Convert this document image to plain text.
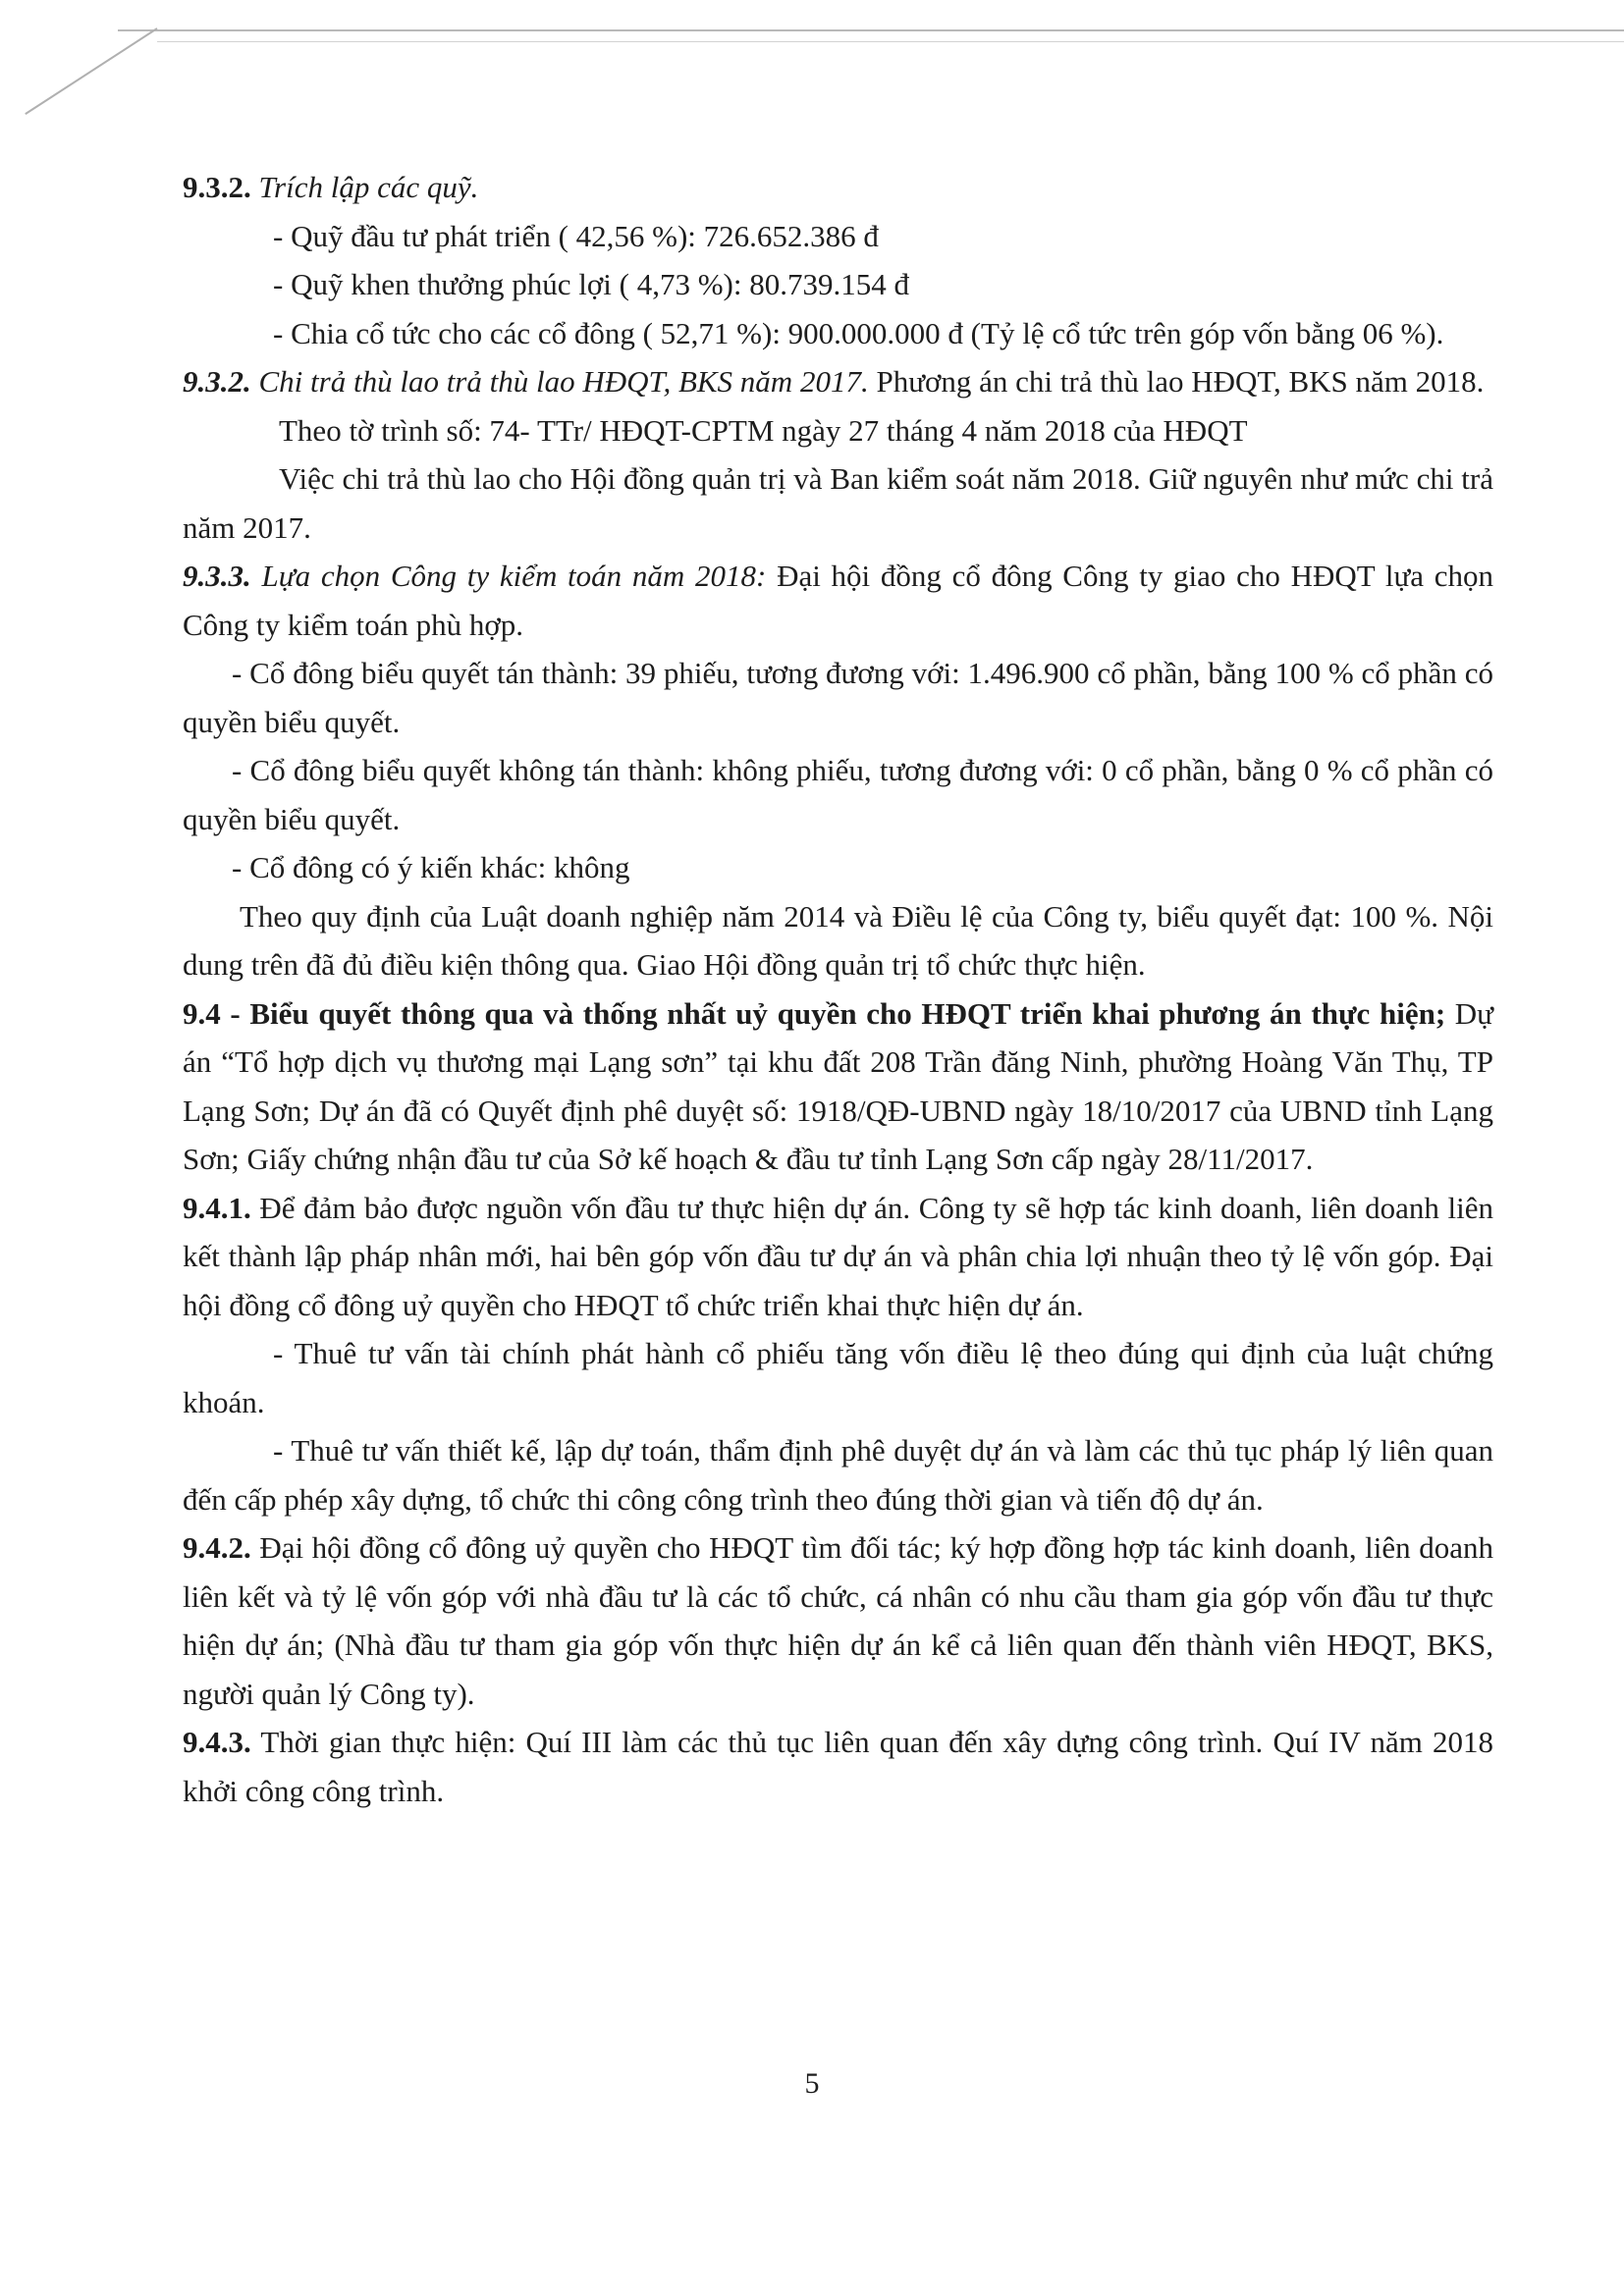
9.3.2. Trích lập các quỹ.

- Quỹ đầu tư phát triển ( 42,56 %): 726.652.386 đ

- Quỹ khen thưởng phúc lợi ( 4,73 %): 80.739.154 đ

- Chia cổ tức cho các cổ đông ( 52,71 %): 900.000.000 đ (Tỷ lệ cổ tức trên góp vốn bằng 06 %).

9.3.2. Chi trả thù lao trả thù lao HĐQT, BKS năm 2017. Phương án chi trả thù lao HĐQT, BKS năm 2018.

Theo tờ trình số: 74- TTr/ HĐQT-CPTM ngày 27 tháng 4 năm 2018 của HĐQT

Việc chi trả thù lao cho Hội đồng quản trị và Ban kiểm soát năm 2018. Giữ nguyên như mức chi trả năm 2017.

9.3.3. Lựa chọn Công ty kiểm toán năm 2018: Đại hội đồng cổ đông Công ty giao cho HĐQT lựa chọn Công ty kiểm toán phù hợp.

- Cổ đông biểu quyết tán thành: 39 phiếu, tương đương với: 1.496.900 cổ phần, bằng 100 % cổ phần có quyền biểu quyết.

- Cổ đông biểu quyết không tán thành: không phiếu, tương đương với: 0 cổ phần, bằng 0 % cổ phần có quyền biểu quyết.

- Cổ đông có ý kiến khác: không

Theo quy định của Luật doanh nghiệp năm 2014 và Điều lệ của Công ty, biểu quyết đạt: 100 %. Nội dung trên đã đủ điều kiện thông qua. Giao Hội đồng quản trị tổ chức thực hiện.

9.4 - Biểu quyết thông qua và thống nhất uỷ quyền cho HĐQT triển khai phương án thực hiện; Dự án “Tổ hợp dịch vụ thương mại Lạng sơn” tại khu đất 208 Trần đăng Ninh, phường Hoàng Văn Thụ, TP Lạng Sơn; Dự án đã có Quyết định phê duyệt số: 1918/QĐ-UBND ngày 18/10/2017 của UBND tỉnh Lạng Sơn; Giấy chứng nhận đầu tư của Sở kế hoạch & đầu tư tỉnh Lạng Sơn cấp ngày 28/11/2017.

9.4.1. Để đảm bảo được nguồn vốn đầu tư thực hiện dự án. Công ty sẽ hợp tác kinh doanh, liên doanh liên kết thành lập pháp nhân mới, hai bên góp vốn đầu tư dự án và phân chia lợi nhuận theo tỷ lệ vốn góp. Đại hội đồng cổ đông uỷ quyền cho HĐQT tổ chức triển khai thực hiện dự án.

- Thuê tư vấn tài chính phát hành cổ phiếu tăng vốn điều lệ theo đúng qui định của luật chứng khoán.

- Thuê tư vấn thiết kế, lập dự toán, thẩm định phê duyệt dự án và làm các thủ tục pháp lý liên quan đến cấp phép xây dựng, tổ chức thi công công trình theo đúng thời gian và tiến độ dự án.

9.4.2. Đại hội đồng cổ đông uỷ quyền cho HĐQT tìm đối tác; ký hợp đồng hợp tác kinh doanh, liên doanh liên kết và tỷ lệ vốn góp với nhà đầu tư là các tổ chức, cá nhân có nhu cầu tham gia góp vốn đầu tư thực hiện dự án; (Nhà đầu tư tham gia góp vốn thực hiện dự án kể cả liên quan đến thành viên HĐQT, BKS, người quản lý Công ty).

9.4.3. Thời gian thực hiện: Quí III làm các thủ tục liên quan đến xây dựng công trình. Quí IV năm 2018 khởi công công trình.

5
